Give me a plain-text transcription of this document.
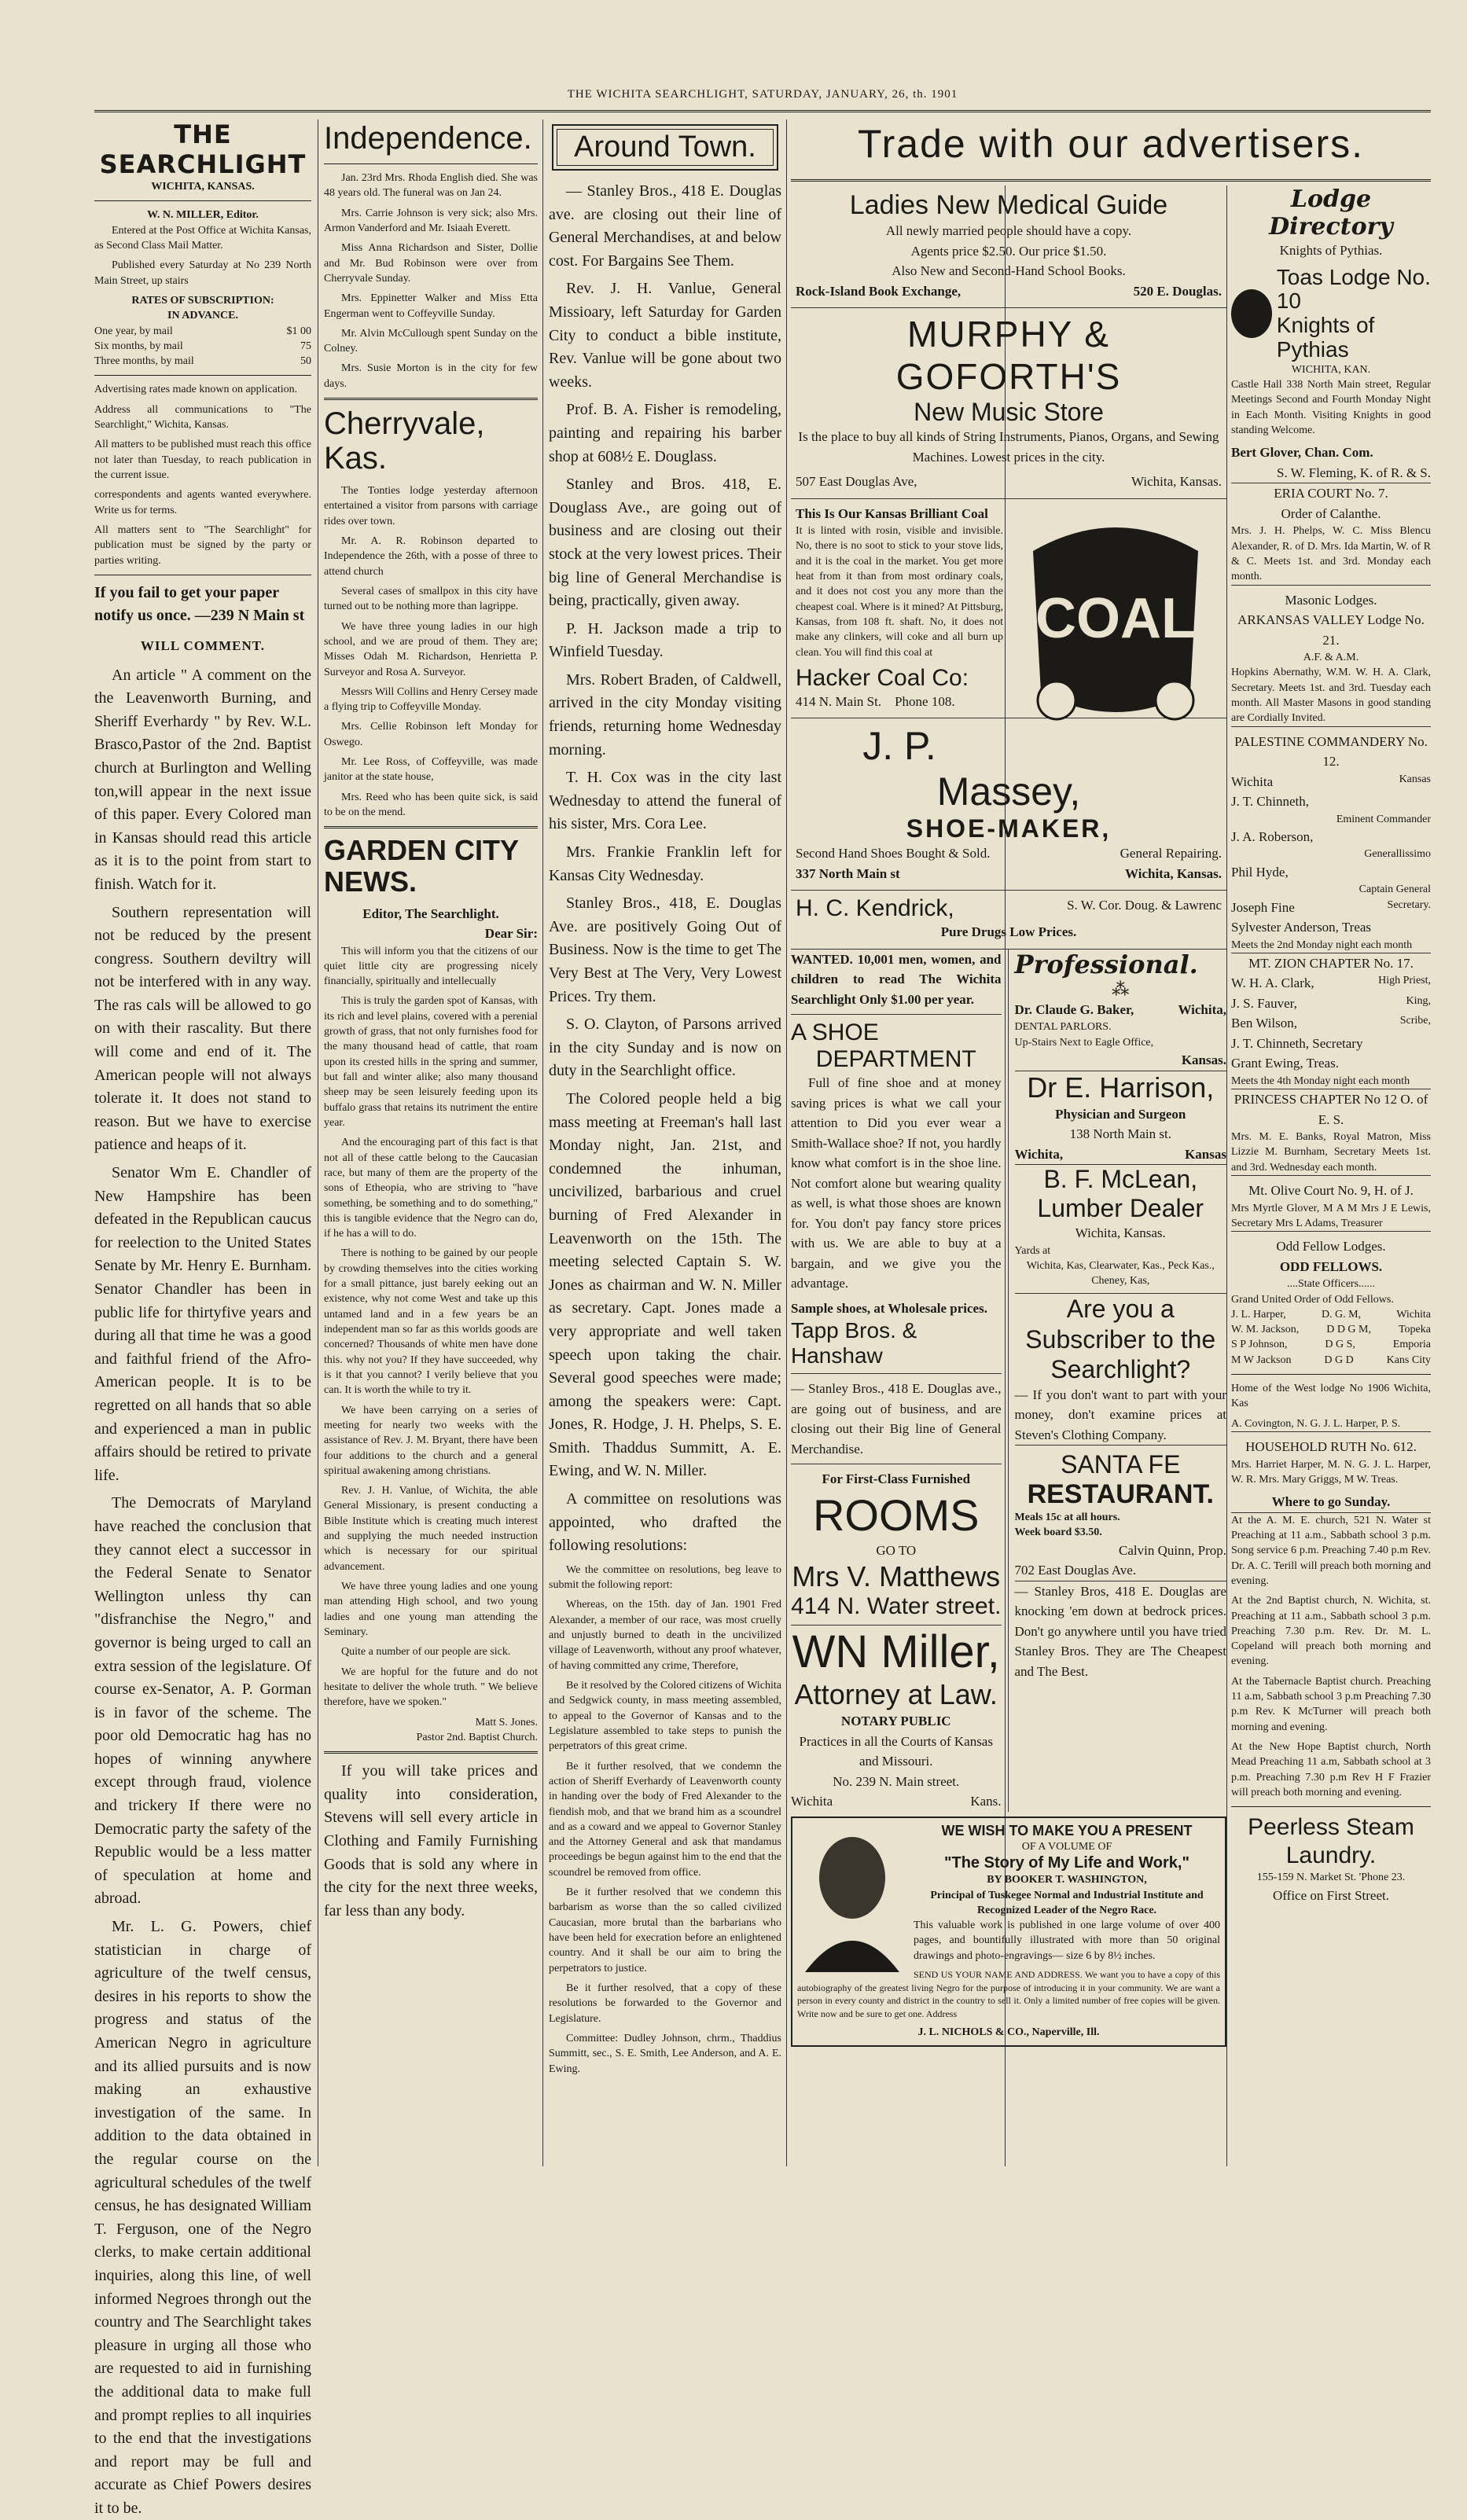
THE WICHITA SEARCHLIGHT, SATURDAY, JANUARY, 26, th. 1901
THE SEARCHLIGHT
WICHITA, KANSAS.
W. N. MILLER, Editor.

Entered at the Post Office at Wichita Kansas, as Second Class Mail Matter.

Published every Saturday at No 239 North Main Street, up stairs

RATES OF SUBSCRIPTION:
IN ADVANCE.
One year, by mail	$1 00
Six months, by mail	75
Three months, by mail	50

Advertising rates made known on application.

Address all communications to "The Searchlight," Wichita, Kansas.

All matters to be published must reach this office not later than Tuesday, to reach publication in the current issue.

correspondents and agents wanted everywhere. Write us for terms.

All matters sent to "The Searchlight" for publication must be signed by the party or parties writing.

If you fail to get your paper notify us once. —239 N Main st

WILL COMMENT.

An article " A comment on the the Leavenworth Burning, and Sheriff Everhardy " by Rev. W.L. Brasco,Pastor of the 2nd. Baptist church at Burlington and Welling ton,will appear in the next issue of this paper. Every Colored man in Kansas should read this article as it is to the point from start to finish. Watch for it.

Southern representation will not be reduced by the present congress. Southern deviltry will not be interfered with in any way. The ras cals will be allowed to go on with their rascality. But there will come and end of it. The American people will not always tolerate it. It does not stand to reason. But we have to exercise patience and heaps of it.

Senator Wm E. Chandler of New Hampshire has been defeated in the Republican caucus for reelection to the United States Senate by Mr. Henry E. Burnham. Senator Chandler has been in public life for thirtyfive years and during all that time he was a good and faithful friend of the Afro-American people. It is to be regretted on all hands that so able and experienced a man in public affairs should be retired to private life.

The Democrats of Maryland have reached the conclusion that they cannot elect a successor in the Federal Senate to Senator Wellington unless thy can "disfranchise the Negro," and governor is being urged to call an extra session of the legislature. Of course ex-Senator, A. P. Gorman is in favor of the scheme. The poor old Democratic hag has no hopes of winning anywhere except through fraud, violence and trickery If there were no Democratic party the safety of the Republic would be a less matter of speculation at home and abroad.

Mr. L. G. Powers, chief statistician in charge of agriculture of the twelf census, desires in his reports to show the progress and status of the American Negro in agriculture and its allied pursuits and is now making an exhaustive investigation of the same. In addition to the data obtained in the regular course on the agricultural schedules of the twelf census, he has designated William T. Ferguson, one of the Negro clerks, to make certain additional inquiries, along this line, of well informed Negroes throngh out the country and The Searchlight takes pleasure in urging all those who are requested to aid in furnishing the additional data to make full and prompt replies to all inquiries to the end that the investigations and report may be full and accurate as Chief Powers desires it to be.

Independence.

Jan. 23rd Mrs. Rhoda English died. She was 48 years old. The funeral was on Jan 24.

Mrs. Carrie Johnson is very sick; also Mrs. Armon Vanderford and Mr. Isiaah Everett.

Miss Anna Richardson and Sister, Dollie and Mr. Bud Robinson were over from Cherryvale Sunday.

Mrs. Eppinetter Walker and Miss Etta Engerman went to Coffeyville Sunday.

Mr. Alvin McCullough spent Sunday on the Colney.

Mrs. Susie Morton is in the city for few days.

Cherryvale, Kas.

The Tonties lodge yesterday afternoon entertained a visitor from parsons with carriage rides over town.

Mr. A. R. Robinson departed to Independence the 26th, with a posse of three to attend church

Several cases of smallpox in this city have turned out to be nothing more than lagrippe.

We have three young ladies in our high school, and we are proud of them. They are; Misses Odah M. Richardson, Henrietta P. Surveyor and Rosa A. Surveyor.

Messrs Will Collins and Henry Cersey made a flying trip to Coffeyville Monday.

Mrs. Cellie Robinson left Monday for Oswego.

Mr. Lee Ross, of Coffeyville, was made janitor at the state house,

Mrs. Reed who has been quite sick, is said to be on the mend.

GARDEN CITY NEWS.
Editor, The Searchlight.
Dear Sir:

This will inform you that the citizens of our quiet little city are progressing nicely financially, spiritually and intellecually

This is truly the garden spot of Kansas, with its rich and level plains, covered with a perenial growth of grass, that not only furnishes food for the many thousand head of cattle, that roam upon its crested hills in the spring and summer, but fall and winter alike; also many thousand sheep may be seen leisurely feeding upon its buffalo grass that retains its nutriment the entire year.

And the encouraging part of this fact is that not all of these cattle belong to the Caucasian race, but many of them are the property of the sons of Etheopia, who are striving to "have something, be something and to do something," this is tangible evidence that the Negro can do, if he has a will to do.

There is nothing to be gained by our people by crowding themselves into the cities working for a small pittance, just barely eeking out an existence, why not come West and take up this untamed land and in a few years be an independent man so far as this worlds goods are concerned? Thousands of white men have done this. why not you? If they have succeeded, why is it that you cannot? I verily believe that you can. It is worth the while to try it.

We have been carrying on a series of meeting for nearly two weeks with the assistance of Rev. J. M. Bryant, there have been four additions to the church and a general spiritual awakening among christians.

Rev. J. H. Vanlue, of Wichita, the able General Missionary, is present conducting a Bible Institute which is creating much interest and supplying the much needed instruction which is necessary for our spiritual advancement.

We have three young ladies and one young man attending High school, and two young ladies and one young man attending the Seminary.

Quite a number of our people are sick.

We are hopful for the future and do not hesitate to deliver the whole truth. " We believe therefore, have we spoken."

Matt S. Jones.
Pastor 2nd. Baptist Church.

If you will take prices and quality into consideration, Stevens will sell every article in Clothing and Family Furnishing Goods that is sold any where in the city for the next three weeks, far less than any body.

Around Town.

— Stanley Bros., 418 E. Douglas ave. are closing out their line of General Merchandises, at and below cost. For Bargains See Them.

Rev. J. H. Vanlue, General Missioary, left Saturday for Garden City to conduct a bible institute, Rev. Vanlue will be gone about two weeks.

Prof. B. A. Fisher is remodeling, painting and repairing his barber shop at 608½ E. Douglass.

Stanley and Bros. 418, E. Douglass Ave., are going out of business and are closing out their stock at the very lowest prices. Their big line of General Merchandise is being, practically, given away.

P. H. Jackson made a trip to Winfield Tuesday.

Mrs. Robert Braden, of Caldwell, arrived in the city Monday visiting friends, returning home Wednesday morning.

T. H. Cox was in the city last Wednesday to attend the funeral of his sister, Mrs. Cora Lee.

Mrs. Frankie Franklin left for Kansas City Wednesday.

Stanley Bros., 418, E. Douglas Ave. are positively Going Out of Business. Now is the time to get The Very Best at The Very, Very Lowest Prices. Try them.

S. O. Clayton, of Parsons arrived in the city Sunday and is now on duty in the Searchlight office.

The Colored people held a big mass meeting at Freeman's hall last Monday night, Jan. 21st, and condemned the inhuman, uncivilized, barbarious and cruel burning of Fred Alexander in Leavenworth on the 15th. The meeting selected Captain S. W. Jones as chairman and W. N. Miller as secretary. Capt. Jones made a very appropriate and well taken speech upon taking the chair. Several good speeches were made; among the speakers were: Capt. Jones, R. Hodge, J. H. Phelps, S. E. Smith. Thaddus Summitt, A. E. Ewing, and W. N. Miller.

A committee on resolutions was appointed, who drafted the following resolutions:

We the committee on resolutions, beg leave to submit the following report:

Whereas, on the 15th. day of Jan. 1901 Fred Alexander, a member of our race, was most cruelly and unjustly burned to death in the uncivilized village of Leavenworth, without any proof whatever, of having committed any crime, Therefore,

Be it resolved by the Colored citizens of Wichita and Sedgwick county, in mass meeting assembled, to appeal to the Governor of Kansas and to the Legislature assembled to take steps to punish the perpetrators of this great crime.

Be it further resolved, that we condemn the action of Sheriff Everhardy of Leavenworth county in handing over the body of Fred Alexander to the fiendish mob, and that we brand him as a scoundrel and as a coward and we appeal to Governor Stanley and the Attorney General and ask that mandamus proceedings be begun against him to the end that the scoundrel be removed from office.

Be it further resolved that we condemn this barbarism as worse than the so called civilized Caucasian, more brutal than the barbarians who have been held for execration before an enlightened country. And it shall be our aim to bring the perpetrators to justice.

Be it further resolved, that a copy of these resolutions be forwarded to the Governor and Legislature.

Committee: Dudley Johnson, chrm., Thaddius Summitt, sec., S. E. Smith, Lee Anderson, and A. E. Ewing.

Trade with our advertisers.
Ladies New Medical Guide
All newly married people should have a copy.
Agents price $2.50. Our price $1.50.
Also New and Second-Hand School Books.
Rock-Island Book Exchange,	520 E. Douglas.
MURPHY & GOFORTH'S
New Music Store

Is the place to buy all kinds of String Instruments, Pianos, Organs, and Sewing Machines. Lowest prices in the city.

507 East Douglas Ave,	Wichita, Kansas.
COAL
This Is Our Kansas Brilliant Coal

It is linted with rosin, visible and invisible. No, there is no soot to stick to your stove lids, and it is the coal in the market. You get more heat from it than from most ordinary coals, and it does not cost you any more than the cheapest coal. Where is it mined? At Pittsburg, Kansas, from 108 ft. shaft. No, it does not make any clinkers, will coke and all burn up clean. You will find this coal at

Hacker Coal Co:
414 N. Main St. Phone 108.
J. P. Massey,
SHOE-MAKER,
Second Hand Shoes Bought & Sold.	General Repairing.
337 North Main st	Wichita, Kansas.
H. C. Kendrick,	S. W. Cor. Doug. & Lawrenc
Pure Drugs Low Prices.

WANTED. 10,001 men, women, and children to read The Wichita Searchlight Only $1.00 per year.

A SHOE
DEPARTMENT

Full of fine shoe and at money saving prices is what we call your attention to Did you ever wear a Smith-Wallace shoe? If not, you hardly know what comfort is in the shoe line. Not comfort alone but wearing quality as well, is what those shoes are known for. You don't pay fancy store prices with us. We are able to buy at a bargain, and we give you the advantage.

Sample shoes, at Wholesale prices.
Tapp Bros. & Hanshaw

— Stanley Bros., 418 E. Douglas ave., are going out of business, and are closing out their Big line of General Merchandise.

For First-Class Furnished
ROOMS
GO TO
Mrs V. Matthews
414 N. Water street.
WN Miller,
Attorney at Law.
NOTARY PUBLIC
Practices in all the Courts of Kansas and Missouri.
No. 239 N. Main street.
Wichita	Kans.
Professional.
⁂
Dr. Claude G. Baker,	Wichita,
DENTAL PARLORS.
Up-Stairs Next to Eagle Office,
Kansas.
Dr E. Harrison,
Physician and Surgeon
138 North Main st.
Wichita,	Kansas
B. F. McLean,
Lumber Dealer
Wichita, Kansas.
Yards at
Wichita, Kas, Clearwater, Kas., Peck Kas., Cheney, Kas,
Are you a Subscriber to the Searchlight?

— If you don't want to part with your money, don't examine prices at Steven's Clothing Company.

SANTA FE
RESTAURANT.
Meals 15c at all hours.
Week board $3.50.
Calvin Quinn, Prop.
702 East Douglas Ave.

— Stanley Bros, 418 E. Douglas are knocking 'em down at bedrock prices. Don't go anywhere until you have tried Stanley Bros. They are The Cheapest and The Best.

WE WISH TO MAKE YOU A PRESENT
OF A VOLUME OF
"The Story of My Life and Work,"
BY BOOKER T. WASHINGTON,
Principal of Tuskegee Normal and Industrial Institute and Recognized Leader of the Negro Race.

This valuable work is published in one large volume of over 400 pages, and bountifully illustrated with more than 50 original drawings and photo-engravings— size 6 by 8½ inches.

SEND US YOUR NAME AND ADDRESS. We want you to have a copy of this autobiography of the greatest living Negro for the purpose of introducing it in your community. We are want a person in every county and district in the country to sell it. Only a limited number of free copies will be given. Write now and be sure to get one. Address

J. L. NICHOLS & CO., Naperville, Ill.
Lodge Directory
Knights of Pythias.
Toas Lodge No. 10
Knights of Pythias
WICHITA, KAN.

Castle Hall 338 North Main street, Regular Meetings Second and Fourth Monday Night in Each Month. Visiting Knights in good standing Welcome.

Bert Glover, Chan. Com.
S. W. Fleming, K. of R. & S.
ERIA COURT No. 7.
Order of Calanthe.

Mrs. J. H. Phelps, W. C. Miss Blencu Alexander, R. of D. Mrs. Ida Martin, W. of R & C. Meets 1st. and 3rd. Monday each month.

Masonic Lodges.
ARKANSAS VALLEY Lodge No. 21.
A.F. & A.M.

Hopkins Abernathy, W.M. W. H. A. Clark, Secretary. Meets 1st. and 3rd. Tuesday each month. All Master Masons in good standing are Cordially Invited.

PALESTINE COMMANDERY No. 12.
Wichita	Kansas
J. T. Chinneth,
Eminent Commander
J. A. Roberson,
Generallissimo
Phil Hyde,
Captain General
Joseph Fine	Secretary.
Sylvester Anderson, Treas
Meets the 2nd Monday night each month
MT. ZION CHAPTER No. 17.
W. H. A. Clark,	High Priest,
J. S. Fauver,	King,
Ben Wilson,	Scribe,
J. T. Chinneth, Secretary
Grant Ewing, Treas.
Meets the 4th Monday night each month
PRINCESS CHAPTER No 12 O. of E. S.

Mrs. M. E. Banks, Royal Matron, Miss Lizzie M. Burnham, Secretary Meets 1st. and 3rd. Wednesday each month.

Mt. Olive Court No. 9, H. of J.

Mrs Myrtle Glover, M A M Mrs J E Lewis, Secretary Mrs L Adams, Treasurer

Odd Fellow Lodges.
ODD FELLOWS.
....State Officers......
Grand United Order of Odd Fellows.
J. L. Harper,	D. G. M,	Wichita
W. M. Jackson,	D D G M,	Topeka
S P Johnson,	D G S,	Emporia
M W Jackson	D G D	Kans City

Home of the West lodge No 1906 Wichita, Kas

A. Covington, N. G. J. L. Harper, P. S.

HOUSEHOLD RUTH No. 612.

Mrs. Harriet Harper, M. N. G. J. L. Harper, W. R. Mrs. Mary Griggs, M W. Treas.

Where to go Sunday.

At the A. M. E. church, 521 N. Water st Preaching at 11 a.m., Sabbath school 3 p.m. Song service 6 p.m. Preaching 7.40 p.m Rev. Dr. A. C. Terill will preach both morning and evening.

At the 2nd Baptist church, N. Wichita, st. Preaching at 11 a.m., Sabbath school 3 p.m. Preaching 7.30 p.m. Rev. Dr. M. L. Copeland will preach both morning and evening.

At the Tabernacle Baptist church. Preaching 11 a.m, Sabbath school 3 p.m Preaching 7.30 p.m Rev. K McTurner will preach both morning and evening.

At the New Hope Baptist church, North Mead Preaching 11 a.m, Sabbath school at 3 p.m. Preaching 7.30 p.m Rev H F Frazier will preach both morning and evening.

Peerless Steam Laundry.
155-159 N. Market St. 'Phone 23.
Office on First Street.
